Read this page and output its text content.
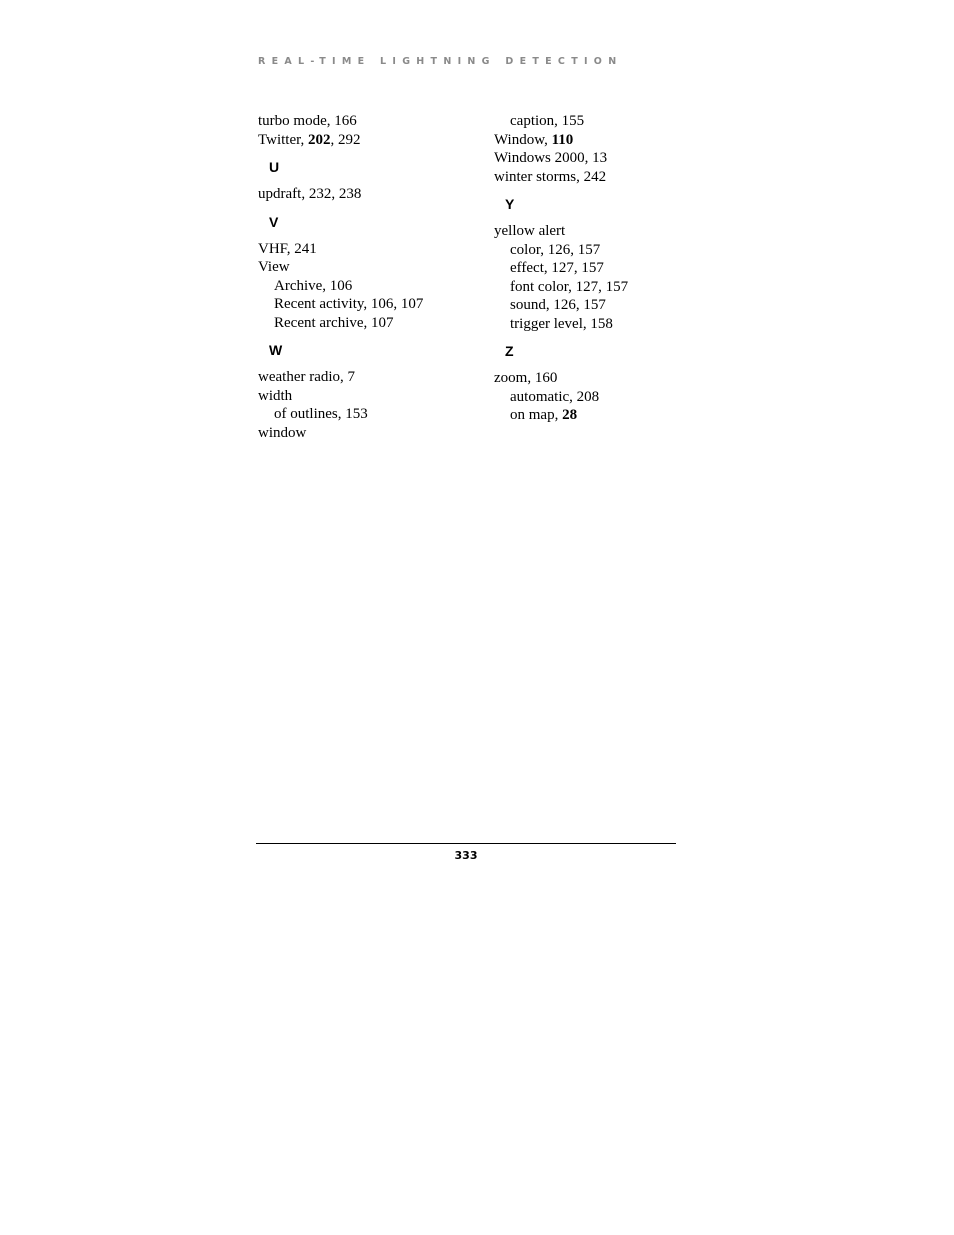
REAL-TIME LIGHTNING DETECTION
turbo mode, 166
Twitter, 202, 292
U
updraft, 232, 238
V
VHF, 241
View
Archive, 106
Recent activity, 106, 107
Recent archive, 107
W
weather radio, 7
width
of outlines, 153
window
caption, 155
Window, 110
Windows 2000, 13
winter storms, 242
Y
yellow alert
color, 126, 157
effect, 127, 157
font color, 127, 157
sound, 126, 157
trigger level, 158
Z
zoom, 160
automatic, 208
on map, 28
333
